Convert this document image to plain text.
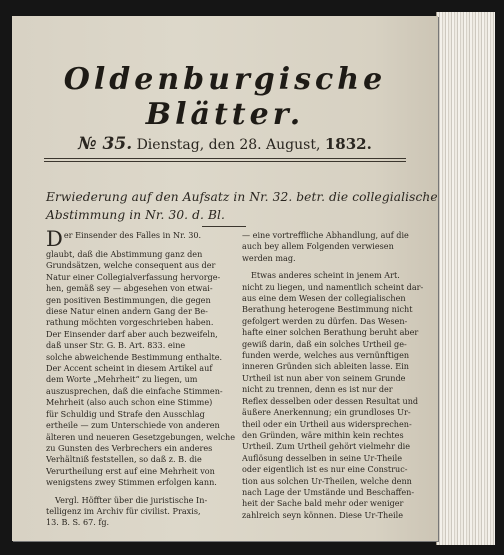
Oldenburgische Blätter.
№ 35. Dienstag, den 28. August, 1832.
Erwiederung auf den Aufsatz in Nr. 32. betr. die collegialische
Abstimmung in Nr. 30. d. Bl.
Der Einsender des Falles in Nr. 30.
glaubt, daß die Abstimmung ganz den
Grundsätzen, welche consequent aus der
Natur einer Collegialverfassung hervorge-
hen, gemäß sey — abgesehen von etwai-
gen positiven Bestimmungen, die gegen
diese Natur einen andern Gang der Be-
rathung möchten vorgeschrieben haben.
Der Einsender darf aber auch bezweifeln,
daß unser Str. G. B. Art. 833. eine
solche abweichende Bestimmung enthalte.
Der Accent scheint in diesem Artikel auf
dem Worte „Mehrheit“ zu liegen, um
auszusprechen, daß die einfache Stimmen-
Mehrheit (also auch schon eine Stimme)
für Schuldig und Strafe den Ausschlag
ertheile — zum Unterschiede von anderen
älteren und neueren Gesetzgebungen, welche
zu Gunsten des Verbrechers ein anderes
Verhältniß feststellen, so daß z. B. die
Verurtheilung erst auf eine Mehrheit von
wenigstens zwey Stimmen erfolgen kann.
Vergl. Höffter über die juristische In-
telligenz im Archiv für civilist. Praxis,
13. B. S. 67. fg.
— eine vortreffliche Abhandlung, auf die
auch bey allem Folgenden verwiesen
werden mag.
Etwas anderes scheint in jenem Art.
nicht zu liegen, und namentlich scheint dar-
aus eine dem Wesen der collegialischen
Berathung heterogene Bestimmung nicht
gefolgert werden zu dürfen. Das Wesen-
hafte einer solchen Berathung beruht aber
gewiß darin, daß ein solches Urtheil ge-
funden werde, welches aus vernünftigen
inneren Gründen sich ableiten lasse. Ein
Urtheil ist nun aber von seinem Grunde
nicht zu trennen, denn es ist nur der
Reflex desselben oder dessen Resultat und
äußere Anerkennung; ein grundloses Ur-
theil oder ein Urtheil aus widersprechen-
den Gründen, wäre mithin kein rechtes
Urtheil. Zum Urtheil gehört vielmehr die
Auflösung desselben in seine Ur-Theile
oder eigentlich ist es nur eine Construc-
tion aus solchen Ur-Theilen, welche denn
nach Lage der Umstände und Beschaffen-
heit der Sache bald mehr oder weniger
zahlreich seyn können. Diese Ur-Theile
